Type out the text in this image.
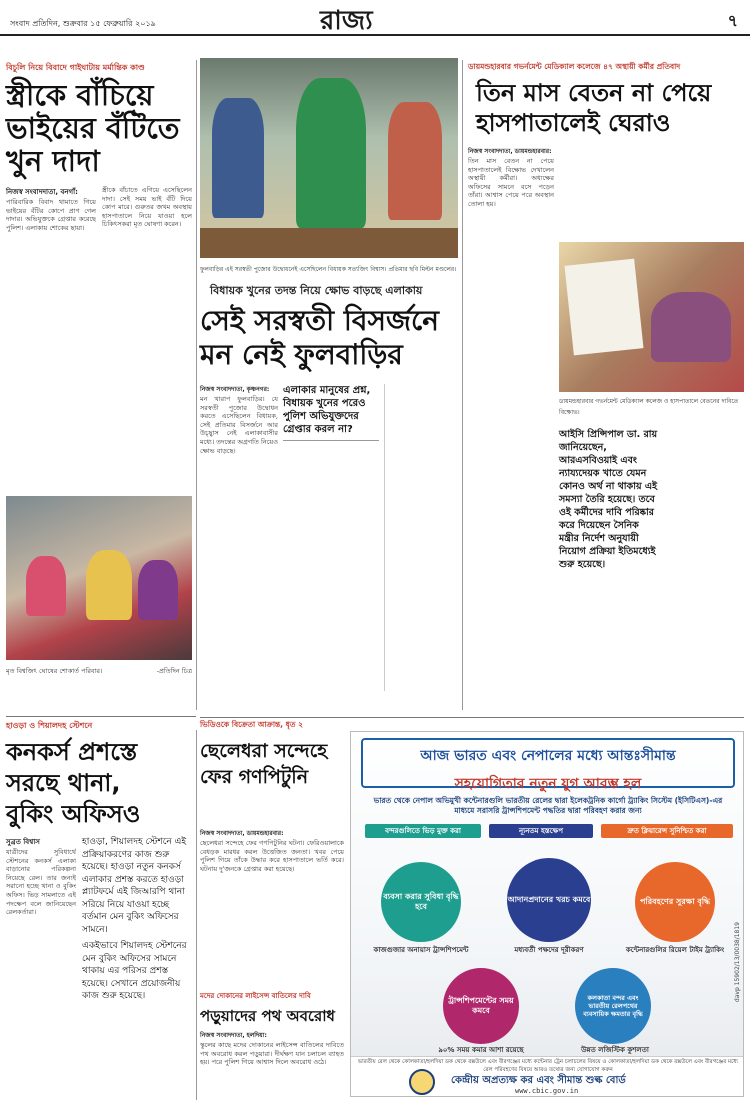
সংবাদ প্রতিদিন, শুক্রবার ১৫ ফেব্রুয়ারি ২০১৯	রাজ্য	৭
বিচুলি নিয়ে বিবাদে গাইঘাটায় মর্মান্তিক কাণ্ড
স্ত্রীকে বাঁচিয়ে
ভাইয়ের বঁটিতে
খুন দাদা
নিজস্ব সংবাদদাতা, বনগাঁ:

পারিবারিক বিবাদ থামাতে গিয়ে ভাইয়ের বঁটির কোপে প্রাণ গেল দাদার। অভিযুক্তকে গ্রেপ্তার করেছে পুলিশ। এলাকায় শোকের ছায়া।

স্ত্রীকে বাঁচাতে এগিয়ে এসেছিলেন দাদা। সেই সময় ভাই বঁটি দিয়ে কোপ মারে। গুরুতর জখম অবস্থায় হাসপাতালে নিয়ে যাওয়া হলে চিকিৎসকরা মৃত ঘোষণা করেন।

মৃত বিশ্বজিৎ ঘোষের শোকার্ত পরিবার।	-প্রতিদিন চিত্র
ফুলবাড়ির এই সরস্বতী পুজোর উদ্বোধনেই এসেছিলেন বিধায়ক সত্যজিৎ বিশ্বাস। প্রতিমার ছবি মিল্টন মণ্ডলের।
বিধায়ক খুনের তদন্ত নিয়ে ক্ষোভ বাড়ছে এলাকায়
সেই সরস্বতী বিসর্জনে
মন নেই ফুলবাড়ির
নিজস্ব সংবাদদাতা, কৃষ্ণনগর:

মন খারাপ ফুলবাড়ির। যে সরস্বতী পুজোর উদ্বোধন করতে এসেছিলেন বিধায়ক, সেই প্রতিমার বিসর্জনে আর উচ্ছ্বাস নেই এলাকাবাসীর মধ্যে। তদন্তের অগ্রগতি নিয়েও ক্ষোভ বাড়ছে।

এলাকার মানুষের প্রশ্ন, বিধায়ক খুনের পরেও পুলিশ অভিযুক্তদের গ্রেপ্তার করল না?

ডায়মন্ডহারবার গভর্নমেন্ট মেডিক্যাল কলেজে ৪৭ অস্থায়ী কর্মীর প্রতিবাদ
তিন মাস বেতন না পেয়ে
হাসপাতালেই ঘেরাও
নিজস্ব সংবাদদাতা, ডায়মন্ডহারবার:

তিন মাস বেতন না পেয়ে হাসপাতালেই বিক্ষোভ দেখালেন অস্থায়ী কর্মীরা। অধ্যক্ষের অফিসের সামনে বসে পড়েন তাঁরা। আশ্বাস পেয়ে পরে অবস্থান তোলা হয়।

ডায়মন্ডহারবার গভর্নমেন্ট মেডিক্যাল কলেজ ও হাসপাতালে বেতনের দাবিতে বিক্ষোভ।
আইসি প্রিন্সিপাল ডা. রায় জানিয়েছেন, আরএসবিওয়াই এবং ন্যায্যদেয়ক খাতে যেমন কোনও অর্থ না থাকায় এই সমস্যা তৈরি হয়েছে। তবে ওই কর্মীদের দাবি পরিষ্কার করে দিয়েছেন সৈনিক মন্ত্রীর নির্দেশ অনুযায়ী নিয়োগ প্রক্রিয়া ইতিমধ্যেই শুরু হয়েছে।
ভিডিওকে বিক্রেতা আক্রান্ত, ধৃত ২
ছেলেধরা সন্দেহে
ফের গণপিটুনি
নিজস্ব সংবাদদাতা, ডায়মন্ডহারবার:

ছেলেধরা সন্দেহে ফের গণপিটুনির ঘটনা। ফেরিওয়ালাকে বেধড়ক মারধর করল উত্তেজিত জনতা। খবর পেয়ে পুলিশ গিয়ে তাঁকে উদ্ধার করে হাসপাতালে ভর্তি করে। ঘটনায় দু'জনকে গ্রেপ্তার করা হয়েছে।

হাওড়া ও শিয়ালদহ স্টেশনে
কনকর্স প্রশস্তে
সরছে থানা,
বুকিং অফিসও
সুব্রত বিশ্বাস

যাত্রীদের সুবিধার্থে স্টেশনের কনকর্স এলাকা বাড়ানোর পরিকল্পনা নিয়েছে রেল। তার জন্যই সরানো হচ্ছে থানা ও বুকিং অফিস। ভিড় সামলাতে এই পদক্ষেপ বলে জানিয়েছেন রেলকর্তারা।

হাওড়া, শিয়ালদহ স্টেশনে এই প্রক্রিয়াকরণের কাজ শুরু হয়েছে। হাওড়া নতুন কনকর্স এলাকার প্রশস্ত করতে হাওড়া প্ল্যাটফর্মে এই জিআরপি থানা সরিয়ে নিয়ে যাওয়া হচ্ছে বর্তমান মেন বুকিং অফিসের সামনে।

একইভাবে শিয়ালদহ স্টেশনের মেন বুকিং অফিসের সামনে থাকায় এর পরিসর প্রশস্ত হয়েছে। সেখানে প্রয়োজনীয় কাজ শুরু হয়েছে।	মদের দোকানের লাইসেন্স বাতিলের দাবি
পড়ুয়াদের পথ অবরোধ
নিজস্ব সংবাদদাতা, হলদিয়া:

স্কুলের কাছে মদের দোকানের লাইসেন্স বাতিলের দাবিতে পথ অবরোধ করল পড়ুয়ারা। দীর্ঘক্ষণ যান চলাচল ব্যাহত হয়। পরে পুলিশ গিয়ে আশ্বাস দিলে অবরোধ ওঠে।

আজ ভারত এবং নেপালের মধ্যে আন্তঃসীমান্ত
সহযোগিতার নতুন যুগ আরম্ভ হল
ভারত থেকে নেপাল অভিমুখী কন্টেনারগুলি ভারতীয় রেলের দ্বারা ইলেকট্রনিক কার্গো ট্র্যাকিং সিস্টেম (ইসিটিএস)-এর মাধ্যমে সরাসরি ট্রান্সশিপমেন্ট পদ্ধতির দ্বারা পরিবহণ করার জন্য
বন্দরগুলিতে ভিড় মুক্ত করা	ন্যূনতম হস্তক্ষেপ	দ্রুত ক্লিয়ারেন্স সুনিশ্চিত করা
ব্যবসা করার সুবিধা বৃদ্ধি হবে
কাজগুজার অনায়াস ট্রান্সশিপমেন্ট
আদানপ্রদানের খরচ কমবে
মধ্যবর্তী পক্ষদের দূরীকরণ
পরিবহণের সুরক্ষা বৃদ্ধি
কন্টেনারগুলির রিয়েল টাইম ট্র্যাকিং
ট্রান্সশিপমেন্টের সময় কমবে
৯০% সময় কমার আশা রয়েছে
কলকাতা বন্দর এবং ভারতীয় রেলপথের ব্যবসায়িক ক্ষমতার বৃদ্ধি
উন্নত লজিস্টিক কুশলতা
davp 15902/13/0038/1819
ভারতীয় রেল থেকে কোলকাতা/হলদিয়া ডক থেকে রক্সউলে এবং বীরগঞ্জের মধ্যে কন্টেনার ট্রেন চলাচলের বিষয়ে ও কোলকাতা/হলদিয়া ডক থেকে রক্সউলে এবং বীরগঞ্জের মধ্যে রেল পরিবহণের বিষয়ে আরও তথ্যের জন্য যোগাযোগ করুন
কেন্দ্রীয় অপ্রত্যক্ষ কর এবং সীমান্ত শুল্ক বোর্ড
www.cbic.gov.in
